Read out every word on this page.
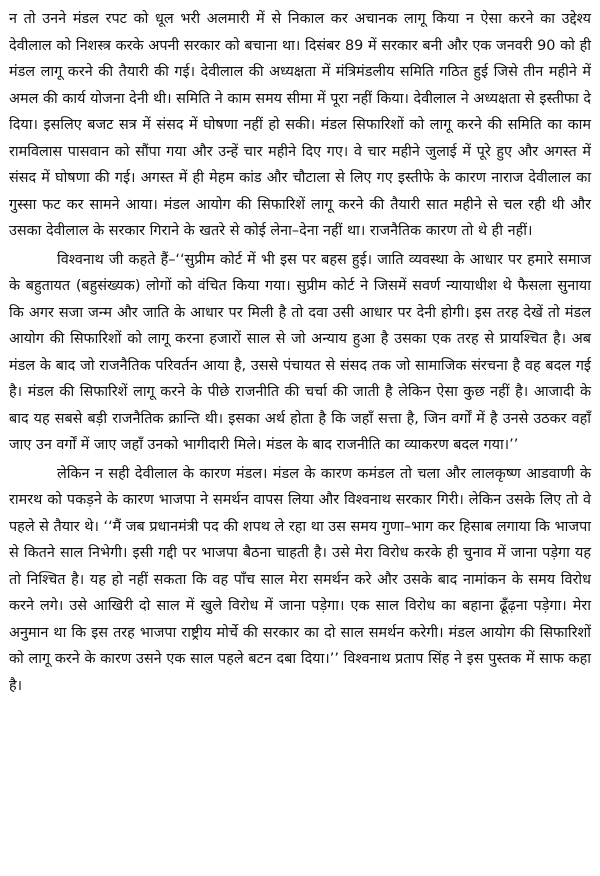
न तो उनने मंडल रपट को धूल भरी अलमारी में से निकाल कर अचानक लागू किया न ऐसा करने का उद्देश्य देवीलाल को निशस्त्र करके अपनी सरकार को बचाना था। दिसंबर 89 में सरकार बनी और एक जनवरी 90 को ही मंडल लागू करने की तैयारी की गई। देवीलाल की अध्यक्षता में मंत्रिमंडलीय समिति गठित हुई जिसे तीन महीने में अमल की कार्य योजना देनी थी। समिति ने काम समय सीमा में पूरा नहीं किया। देवीलाल ने अध्यक्षता से इस्तीफा दे दिया। इसलिए बजट सत्र में संसद में घोषणा नहीं हो सकी। मंडल सिफारिशों को लागू करने की समिति का काम रामविलास पासवान को सौंपा गया और उन्हें चार महीने दिए गए। वे चार महीने जुलाई में पूरे हुए और अगस्त में संसद में घोषणा की गई। अगस्त में ही मेहम कांड और चौटाला से लिए गए इस्तीफे के कारण नाराज देवीलाल का गुस्सा फट कर सामने आया। मंडल आयोग की सिफारिशें लागू करने की तैयारी सात महीने से चल रही थी और उसका देवीलाल के सरकार गिराने के खतरे से कोई लेना–देना नहीं था। राजनैतिक कारण तो थे ही नहीं।

विश्वनाथ जी कहते हैं–‘‘सुप्रीम कोर्ट में भी इस पर बहस हुई। जाति व्यवस्था के आधार पर हमारे समाज के बहुतायत (बहुसंख्यक) लोगों को वंचित किया गया। सुप्रीम कोर्ट ने जिसमें सवर्ण न्यायाधीश थे फैसला सुनाया कि अगर सजा जन्म और जाति के आधार पर मिली है तो दवा उसी आधार पर देनी होगी। इस तरह देखें तो मंडल आयोग की सिफारिशों को लागू करना हजारों साल से जो अन्याय हुआ है उसका एक तरह से प्रायश्चित है। अब मंडल के बाद जो राजनैतिक परिवर्तन आया है, उससे पंचायत से संसद तक जो सामाजिक संरचना है वह बदल गई है। मंडल की सिफारिशें लागू करने के पीछे राजनीति की चर्चा की जाती है लेकिन ऐसा कुछ नहीं है। आजादी के बाद यह सबसे बड़ी राजनैतिक क्रान्ति थी। इसका अर्थ होता है कि जहाँ सत्ता है, जिन वर्गों में है उनसे उठकर वहाँ जाए उन वर्गों में जाए जहाँ उनको भागीदारी मिले। मंडल के बाद राजनीति का व्याकरण बदल गया।’’

लेकिन न सही देवीलाल के कारण मंडल। मंडल के कारण कमंडल तो चला और लालकृष्ण आडवाणी के रामरथ को पकड़ने के कारण भाजपा ने समर्थन वापस लिया और विश्वनाथ सरकार गिरी। लेकिन उसके लिए तो वे पहले से तैयार थे। ‘‘मैं जब प्रधानमंत्री पद की शपथ ले रहा था उस समय गुणा–भाग कर हिसाब लगाया कि भाजपा से कितने साल निभेगी। इसी गद्दी पर भाजपा बैठना चाहती है। उसे मेरा विरोध करके ही चुनाव में जाना पड़ेगा यह तो निश्चित है। यह हो नहीं सकता कि वह पाँच साल मेरा समर्थन करे और उसके बाद नामांकन के समय विरोध करने लगे। उसे आखिरी दो साल में खुले विरोध में जाना पड़ेगा। एक साल विरोध का बहाना ढूँढ़ना पड़ेगा। मेरा अनुमान था कि इस तरह भाजपा राष्ट्रीय मोर्चे की सरकार का दो साल समर्थन करेगी। मंडल आयोग की सिफारिशों को लागू करने के कारण उसने एक साल पहले बटन दबा दिया।’’ विश्वनाथ प्रताप सिंह ने इस पुस्तक में साफ कहा है।
